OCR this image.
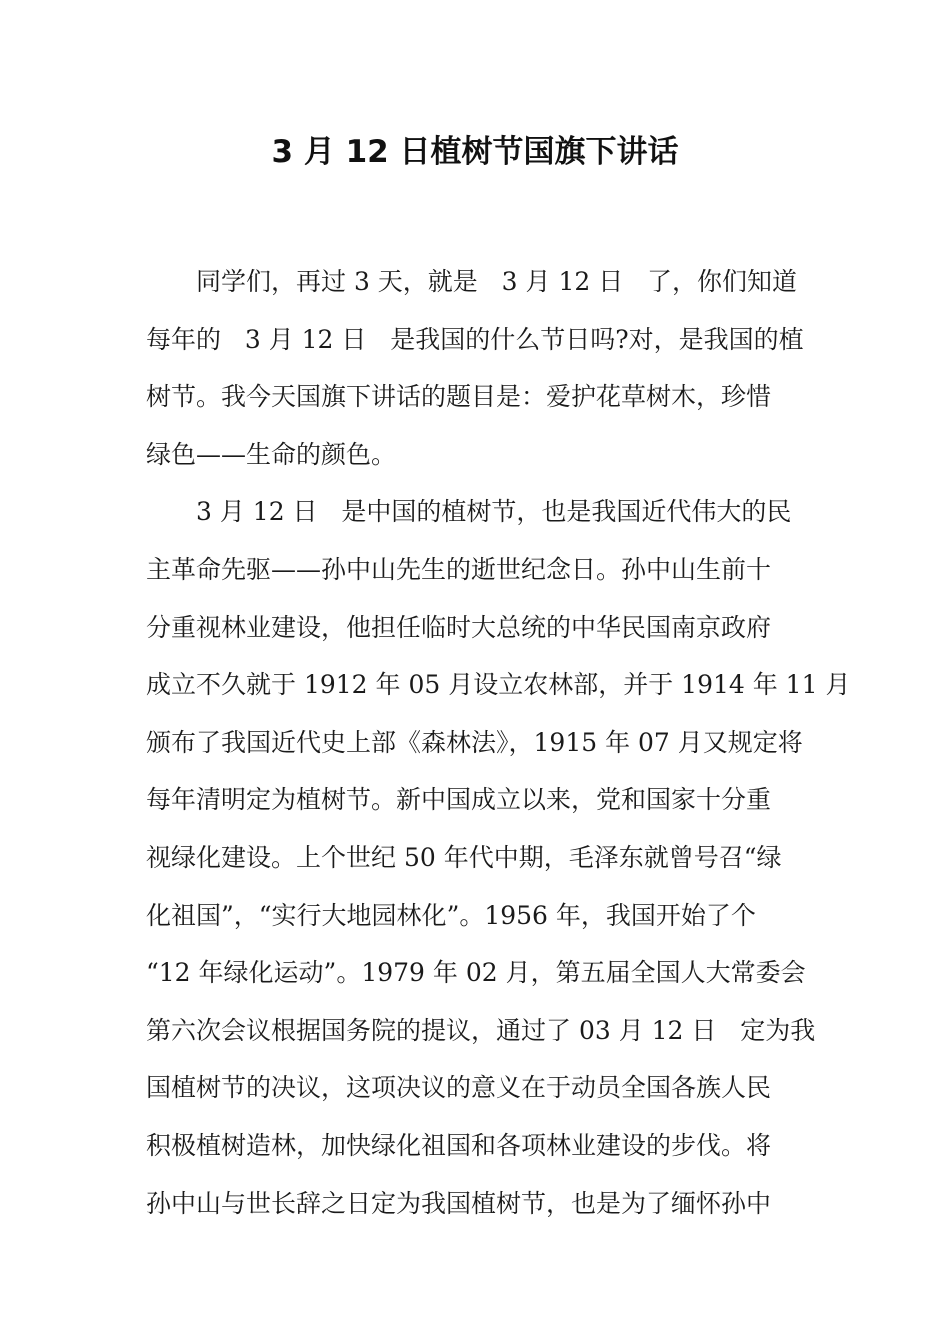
3 月 12 日植树节国旗下讲话
同学们，再过 3 天，就是   3 月 12 日   了，你们知道
每年的   3 月 12 日   是我国的什么节日吗?对，是我国的植
树节。我今天国旗下讲话的题目是：爱护花草树木，珍惜
绿色——生命的颜色。
3 月 12 日   是中国的植树节，也是我国近代伟大的民
主革命先驱——孙中山先生的逝世纪念日。孙中山生前十
分重视林业建设，他担任临时大总统的中华民国南京政府
成立不久就于 1912 年 05 月设立农林部，并于 1914 年 11 月
颁布了我国近代史上部《森林法》，1915 年 07 月又规定将
每年清明定为植树节。新中国成立以来，党和国家十分重
视绿化建设。上个世纪 50 年代中期，毛泽东就曾号召“绿
化祖国”，“实行大地园林化”。1956 年，我国开始了个
“12 年绿化运动”。1979 年 02 月，第五届全国人大常委会
第六次会议根据国务院的提议，通过了 03 月 12 日   定为我
国植树节的决议，这项决议的意义在于动员全国各族人民
积极植树造林，加快绿化祖国和各项林业建设的步伐。将
孙中山与世长辞之日定为我国植树节，也是为了缅怀孙中
